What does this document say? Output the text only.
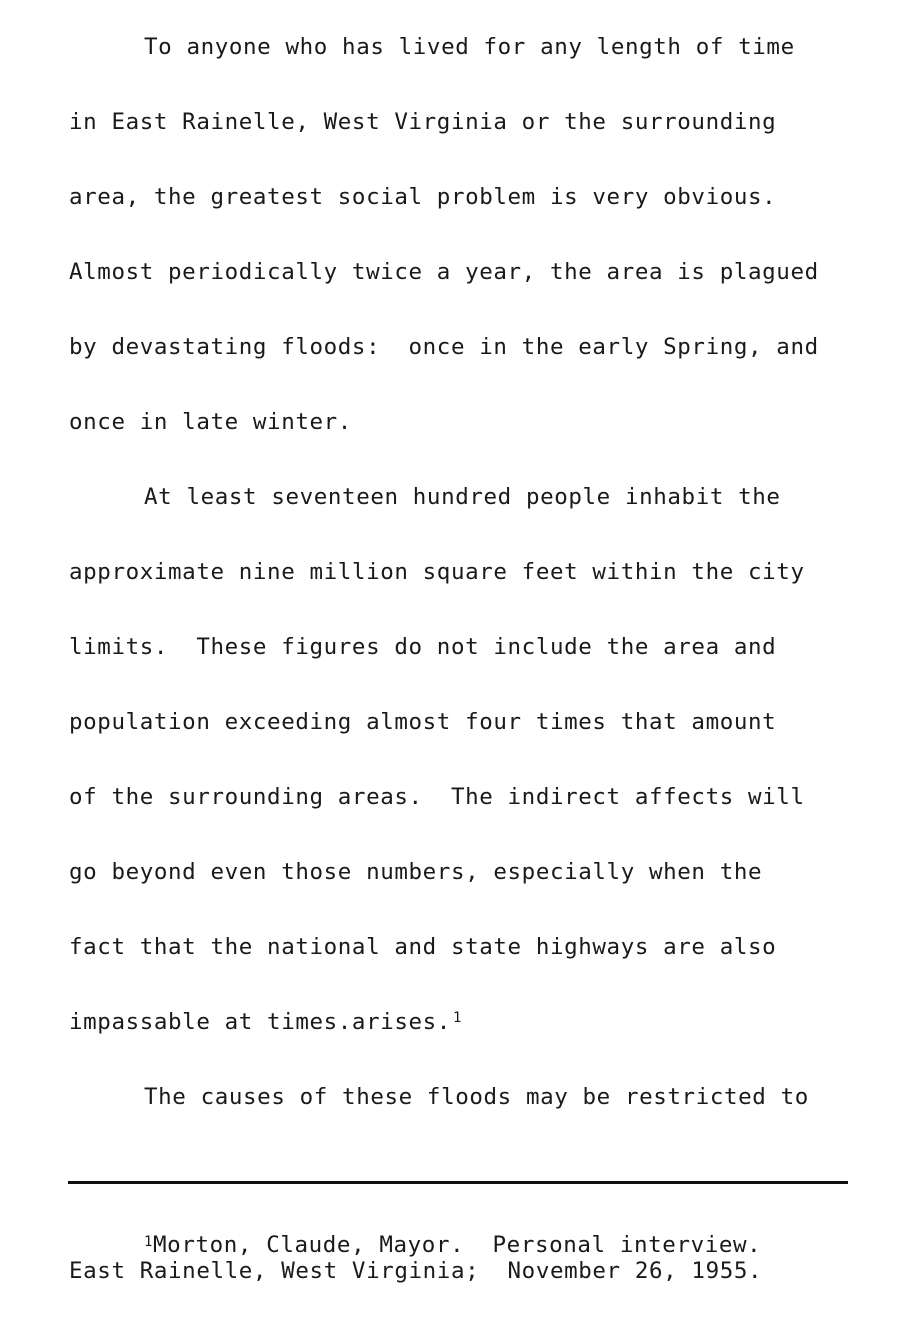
To anyone who has lived for any length of time
in East Rainelle, West Virginia or the surrounding
area, the greatest social problem is very obvious.
Almost periodically twice a year, the area is plagued
by devastating floods:  once in the early Spring, and
once in late winter.
At least seventeen hundred people inhabit the
approximate nine million square feet within the city
limits.  These figures do not include the area and
population exceeding almost four times that amount
of the surrounding areas.  The indirect affects will
go beyond even those numbers, especially when the
fact that the national and state highways are also
impassable at times.arises. $^1$
The causes of these floods may be restricted to
$^1$Morton, Claude, Mayor.  Personal interview.
East Rainelle, West Virginia;  November 26, 1955.
